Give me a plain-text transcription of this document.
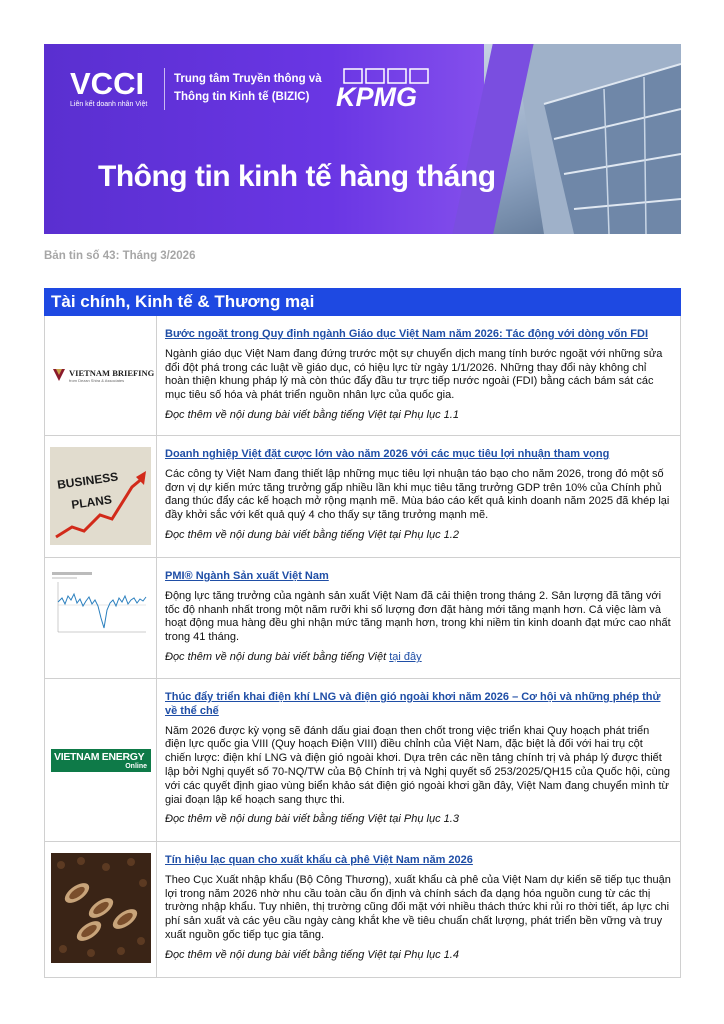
VCCI
Liên kết doanh nhân Việt
Trung tâm Truyền thông và
Thông tin Kinh tế (BIZIC) KPMG
Thông tin kinh tế hàng tháng
Bản tin số 43: Tháng 3/2026
Tài chính, Kinh tế & Thương mại
VIETNAM BRIEFING
from Dezan Shira & Associates
Bước ngoặt trong Quy định ngành Giáo dục Việt Nam năm 2026: Tác động với dòng vốn FDI
Ngành giáo dục Việt Nam đang đứng trước một sự chuyển dịch mang tính bước ngoặt với những sửa đổi đột phá trong các luật về giáo dục, có hiệu lực từ ngày 1/1/2026. Những thay đổi này không chỉ hoàn thiện khung pháp lý mà còn thúc đẩy đầu tư trực tiếp nước ngoài (FDI) bằng cách bám sát các mục tiêu số hóa và phát triển nguồn nhân lực của quốc gia.
Đọc thêm về nội dung bài viết bằng tiếng Việt tại Phụ lục 1.1
BUSINESS
PLANS
Doanh nghiệp Việt đặt cược lớn vào năm 2026 với các mục tiêu lợi nhuận tham vọng
Các công ty Việt Nam đang thiết lập những mục tiêu lợi nhuận táo bạo cho năm 2026, trong đó một số đơn vị dự kiến mức tăng trưởng gấp nhiều lần khi mục tiêu tăng trưởng GDP trên 10% của Chính phủ đang thúc đẩy các kế hoạch mở rộng mạnh mẽ. Mùa báo cáo kết quả kinh doanh năm 2025 đã khép lại đầy khởi sắc với kết quả quý 4 cho thấy sự tăng trưởng mạnh mẽ.
Đọc thêm về nội dung bài viết bằng tiếng Việt tại Phụ lục 1.2
PMI® Ngành Sản xuất Việt Nam
Động lực tăng trưởng của ngành sản xuất Việt Nam đã cải thiện trong tháng 2. Sản lượng đã tăng với tốc độ nhanh nhất trong một năm rưỡi khi số lượng đơn đặt hàng mới tăng mạnh hơn. Cả việc làm và hoạt động mua hàng đều ghi nhận mức tăng mạnh hơn, trong khi niềm tin kinh doanh đạt mức cao nhất trong 41 tháng.
Đọc thêm về nội dung bài viết bằng tiếng Việt tại đây
VIETNAM ENERGY
Online
Thúc đẩy triển khai điện khí LNG và điện gió ngoài khơi năm 2026 – Cơ hội và những phép thử về thể chế
Năm 2026 được kỳ vọng sẽ đánh dấu giai đoạn then chốt trong việc triển khai Quy hoạch phát triển điện lực quốc gia VIII (Quy hoạch Điện VIII) điều chỉnh của Việt Nam, đặc biệt là đối với hai trụ cột chiến lược: điện khí LNG và điện gió ngoài khơi. Dựa trên các nền tảng chính trị và pháp lý được thiết lập bởi Nghị quyết số 70-NQ/TW của Bộ Chính trị và Nghị quyết số 253/2025/QH15 của Quốc hội, cùng với các quyết định giao vùng biển khảo sát điện gió ngoài khơi gần đây, Việt Nam đang chuyển mình từ giai đoạn lập kế hoạch sang thực thi.
Đọc thêm về nội dung bài viết bằng tiếng Việt tại Phụ lục 1.3
Tín hiệu lạc quan cho xuất khẩu cà phê Việt Nam năm 2026
Theo Cục Xuất nhập khẩu (Bộ Công Thương), xuất khẩu cà phê của Việt Nam dự kiến sẽ tiếp tục thuận lợi trong năm 2026 nhờ nhu cầu toàn cầu ổn định và chính sách đa dạng hóa nguồn cung từ các thị trường nhập khẩu. Tuy nhiên, thị trường cũng đối mặt với nhiều thách thức khi rủi ro thời tiết, áp lực chi phí sản xuất và các yêu cầu ngày càng khắt khe về tiêu chuẩn chất lượng, phát triển bền vững và truy xuất nguồn gốc tiếp tục gia tăng.
Đọc thêm về nội dung bài viết bằng tiếng Việt tại Phụ lục 1.4
